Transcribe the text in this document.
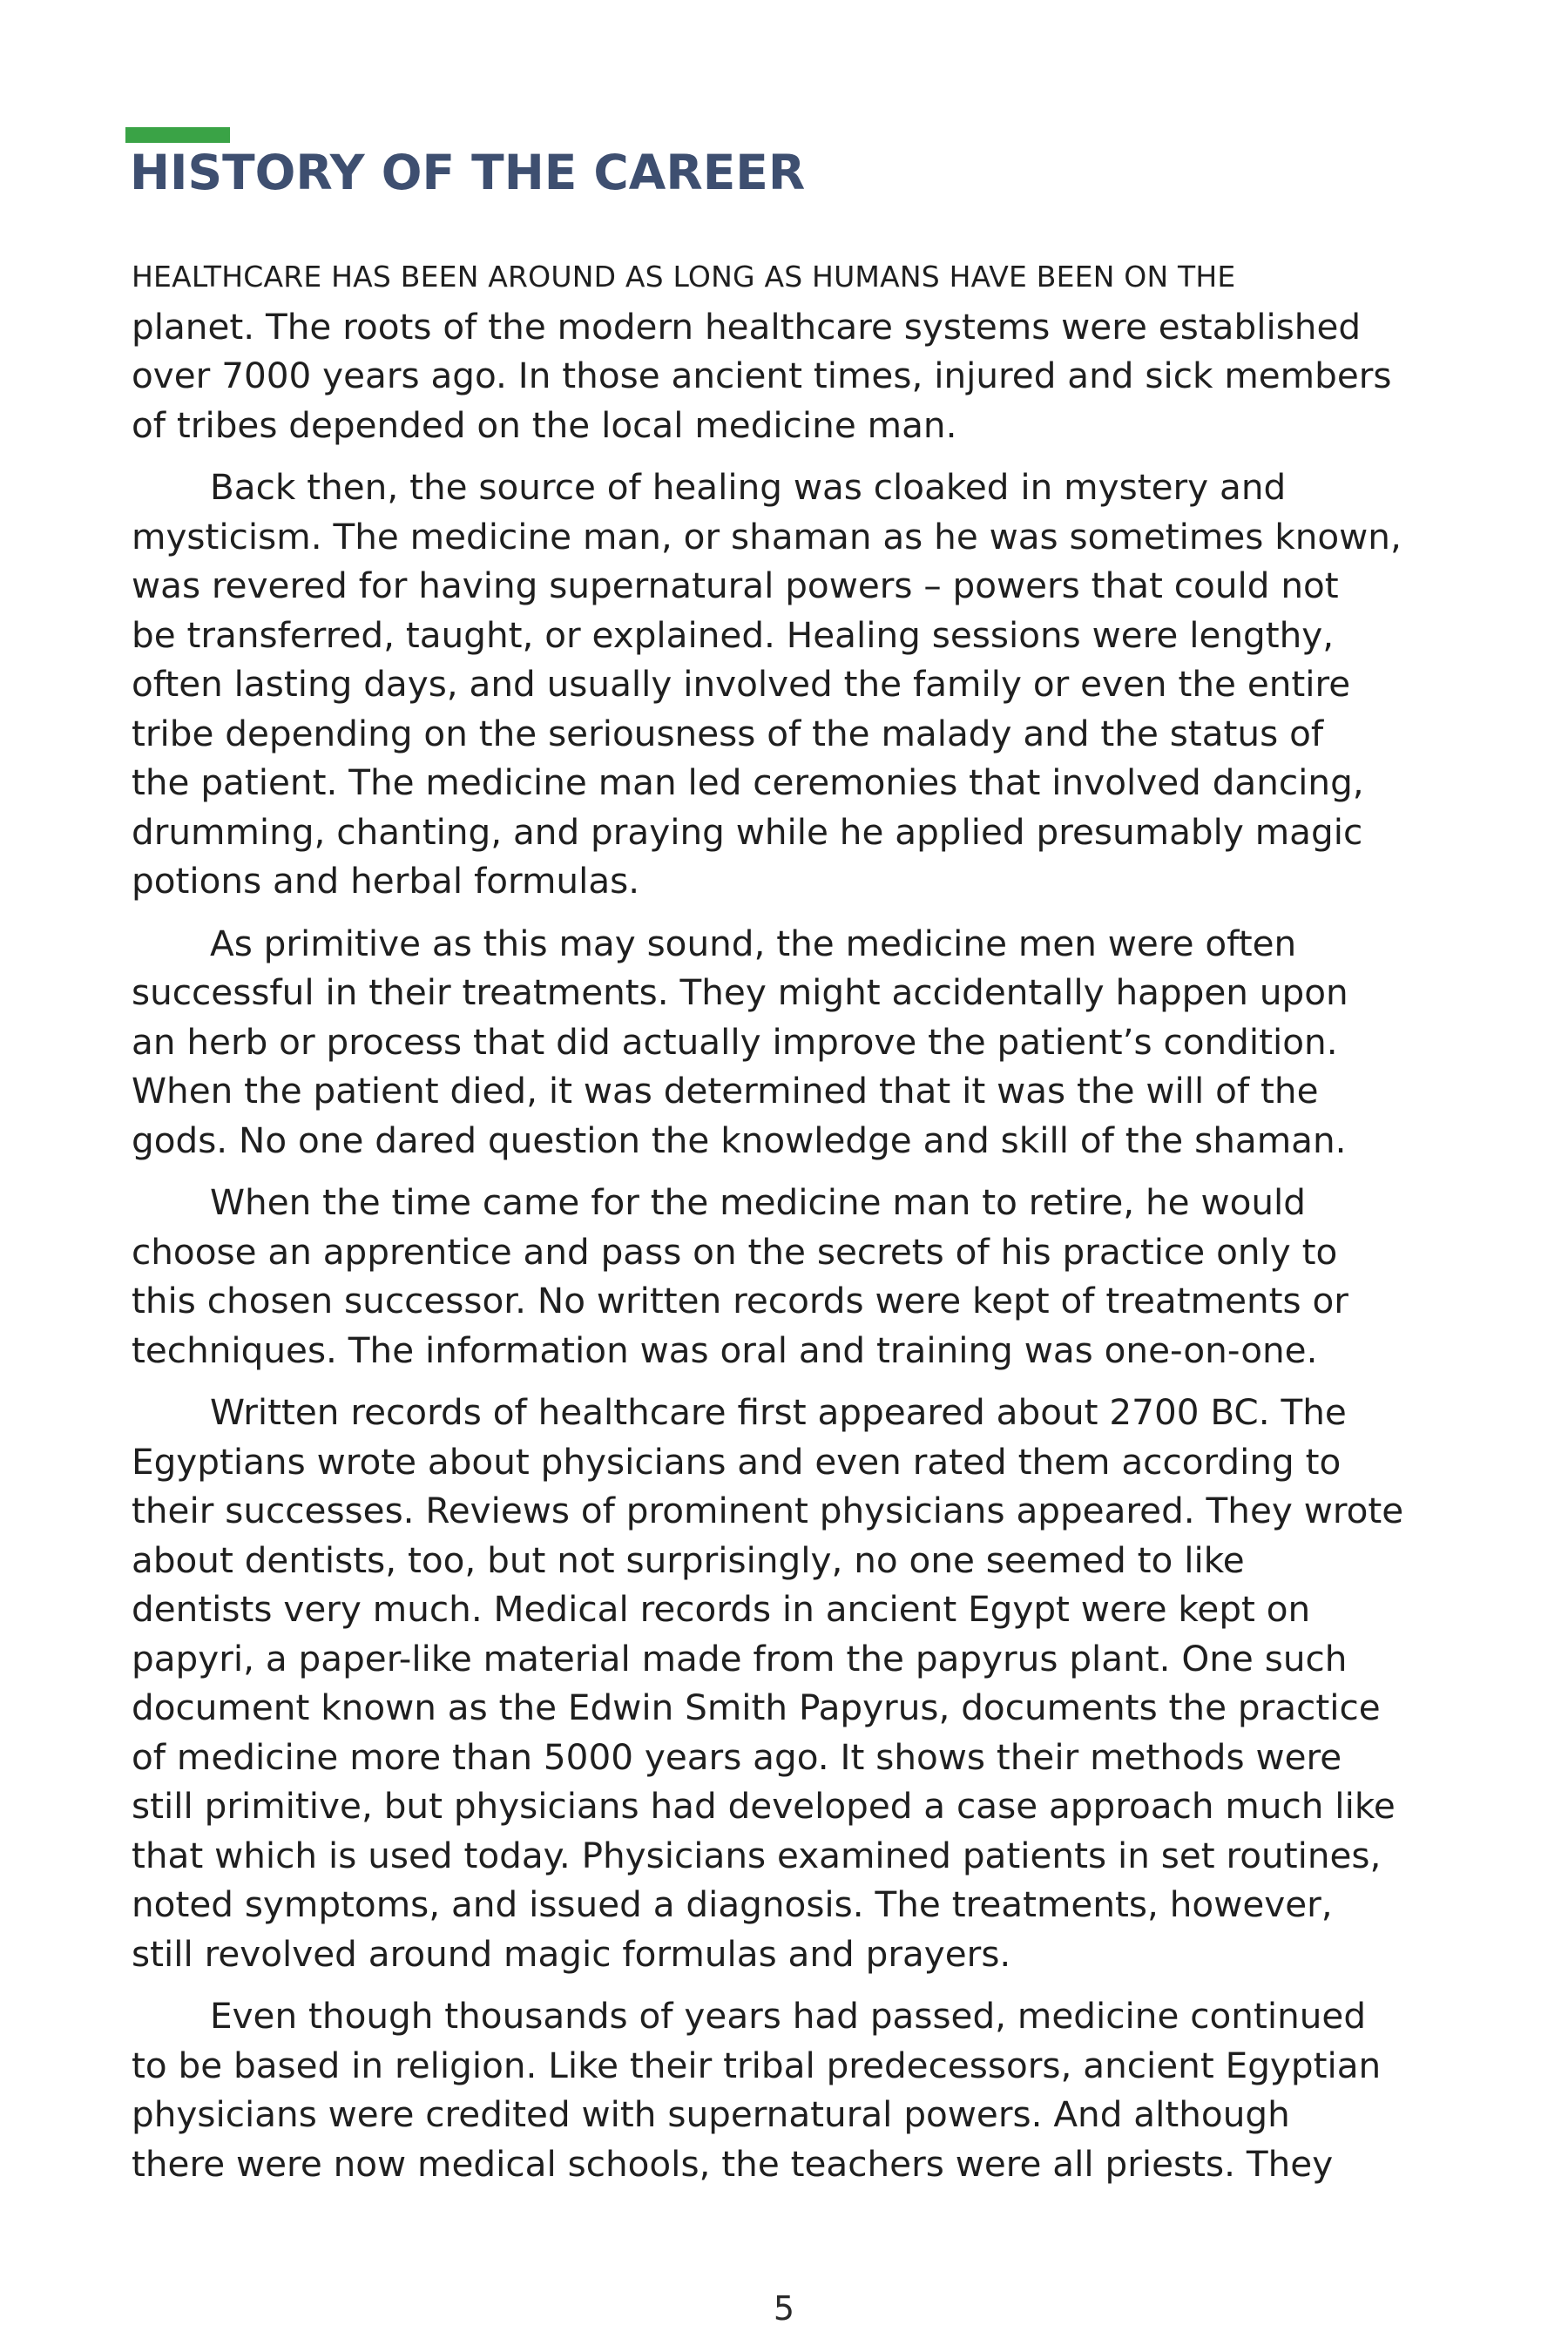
HISTORY OF THE CAREER

HEALTHCARE HAS BEEN AROUND AS LONG AS HUMANS HAVE BEEN ON THE
planet. The roots of the modern healthcare systems were established
over 7000 years ago. In those ancient times, injured and sick members
of tribes depended on the local medicine man.

Back then, the source of healing was cloaked in mystery and
mysticism. The medicine man, or shaman as he was sometimes known,
was revered for having supernatural powers – powers that could not
be transferred, taught, or explained. Healing sessions were lengthy,
often lasting days, and usually involved the family or even the entire
tribe depending on the seriousness of the malady and the status of
the patient. The medicine man led ceremonies that involved dancing,
drumming, chanting, and praying while he applied presumably magic
potions and herbal formulas.

As primitive as this may sound, the medicine men were often
successful in their treatments. They might accidentally happen upon
an herb or process that did actually improve the patient’s condition.
When the patient died, it was determined that it was the will of the
gods. No one dared question the knowledge and skill of the shaman.

When the time came for the medicine man to retire, he would
choose an apprentice and pass on the secrets of his practice only to
this chosen successor. No written records were kept of treatments or
techniques. The information was oral and training was one-on-one.

Written records of healthcare first appeared about 2700 BC. The
Egyptians wrote about physicians and even rated them according to
their successes. Reviews of prominent physicians appeared. They wrote
about dentists, too, but not surprisingly, no one seemed to like
dentists very much. Medical records in ancient Egypt were kept on
papyri, a paper-like material made from the papyrus plant. One such
document known as the Edwin Smith Papyrus, documents the practice
of medicine more than 5000 years ago. It shows their methods were
still primitive, but physicians had developed a case approach much like
that which is used today. Physicians examined patients in set routines,
noted symptoms, and issued a diagnosis. The treatments, however,
still revolved around magic formulas and prayers.

Even though thousands of years had passed, medicine continued
to be based in religion. Like their tribal predecessors, ancient Egyptian
physicians were credited with supernatural powers. And although
there were now medical schools, the teachers were all priests. They

5
